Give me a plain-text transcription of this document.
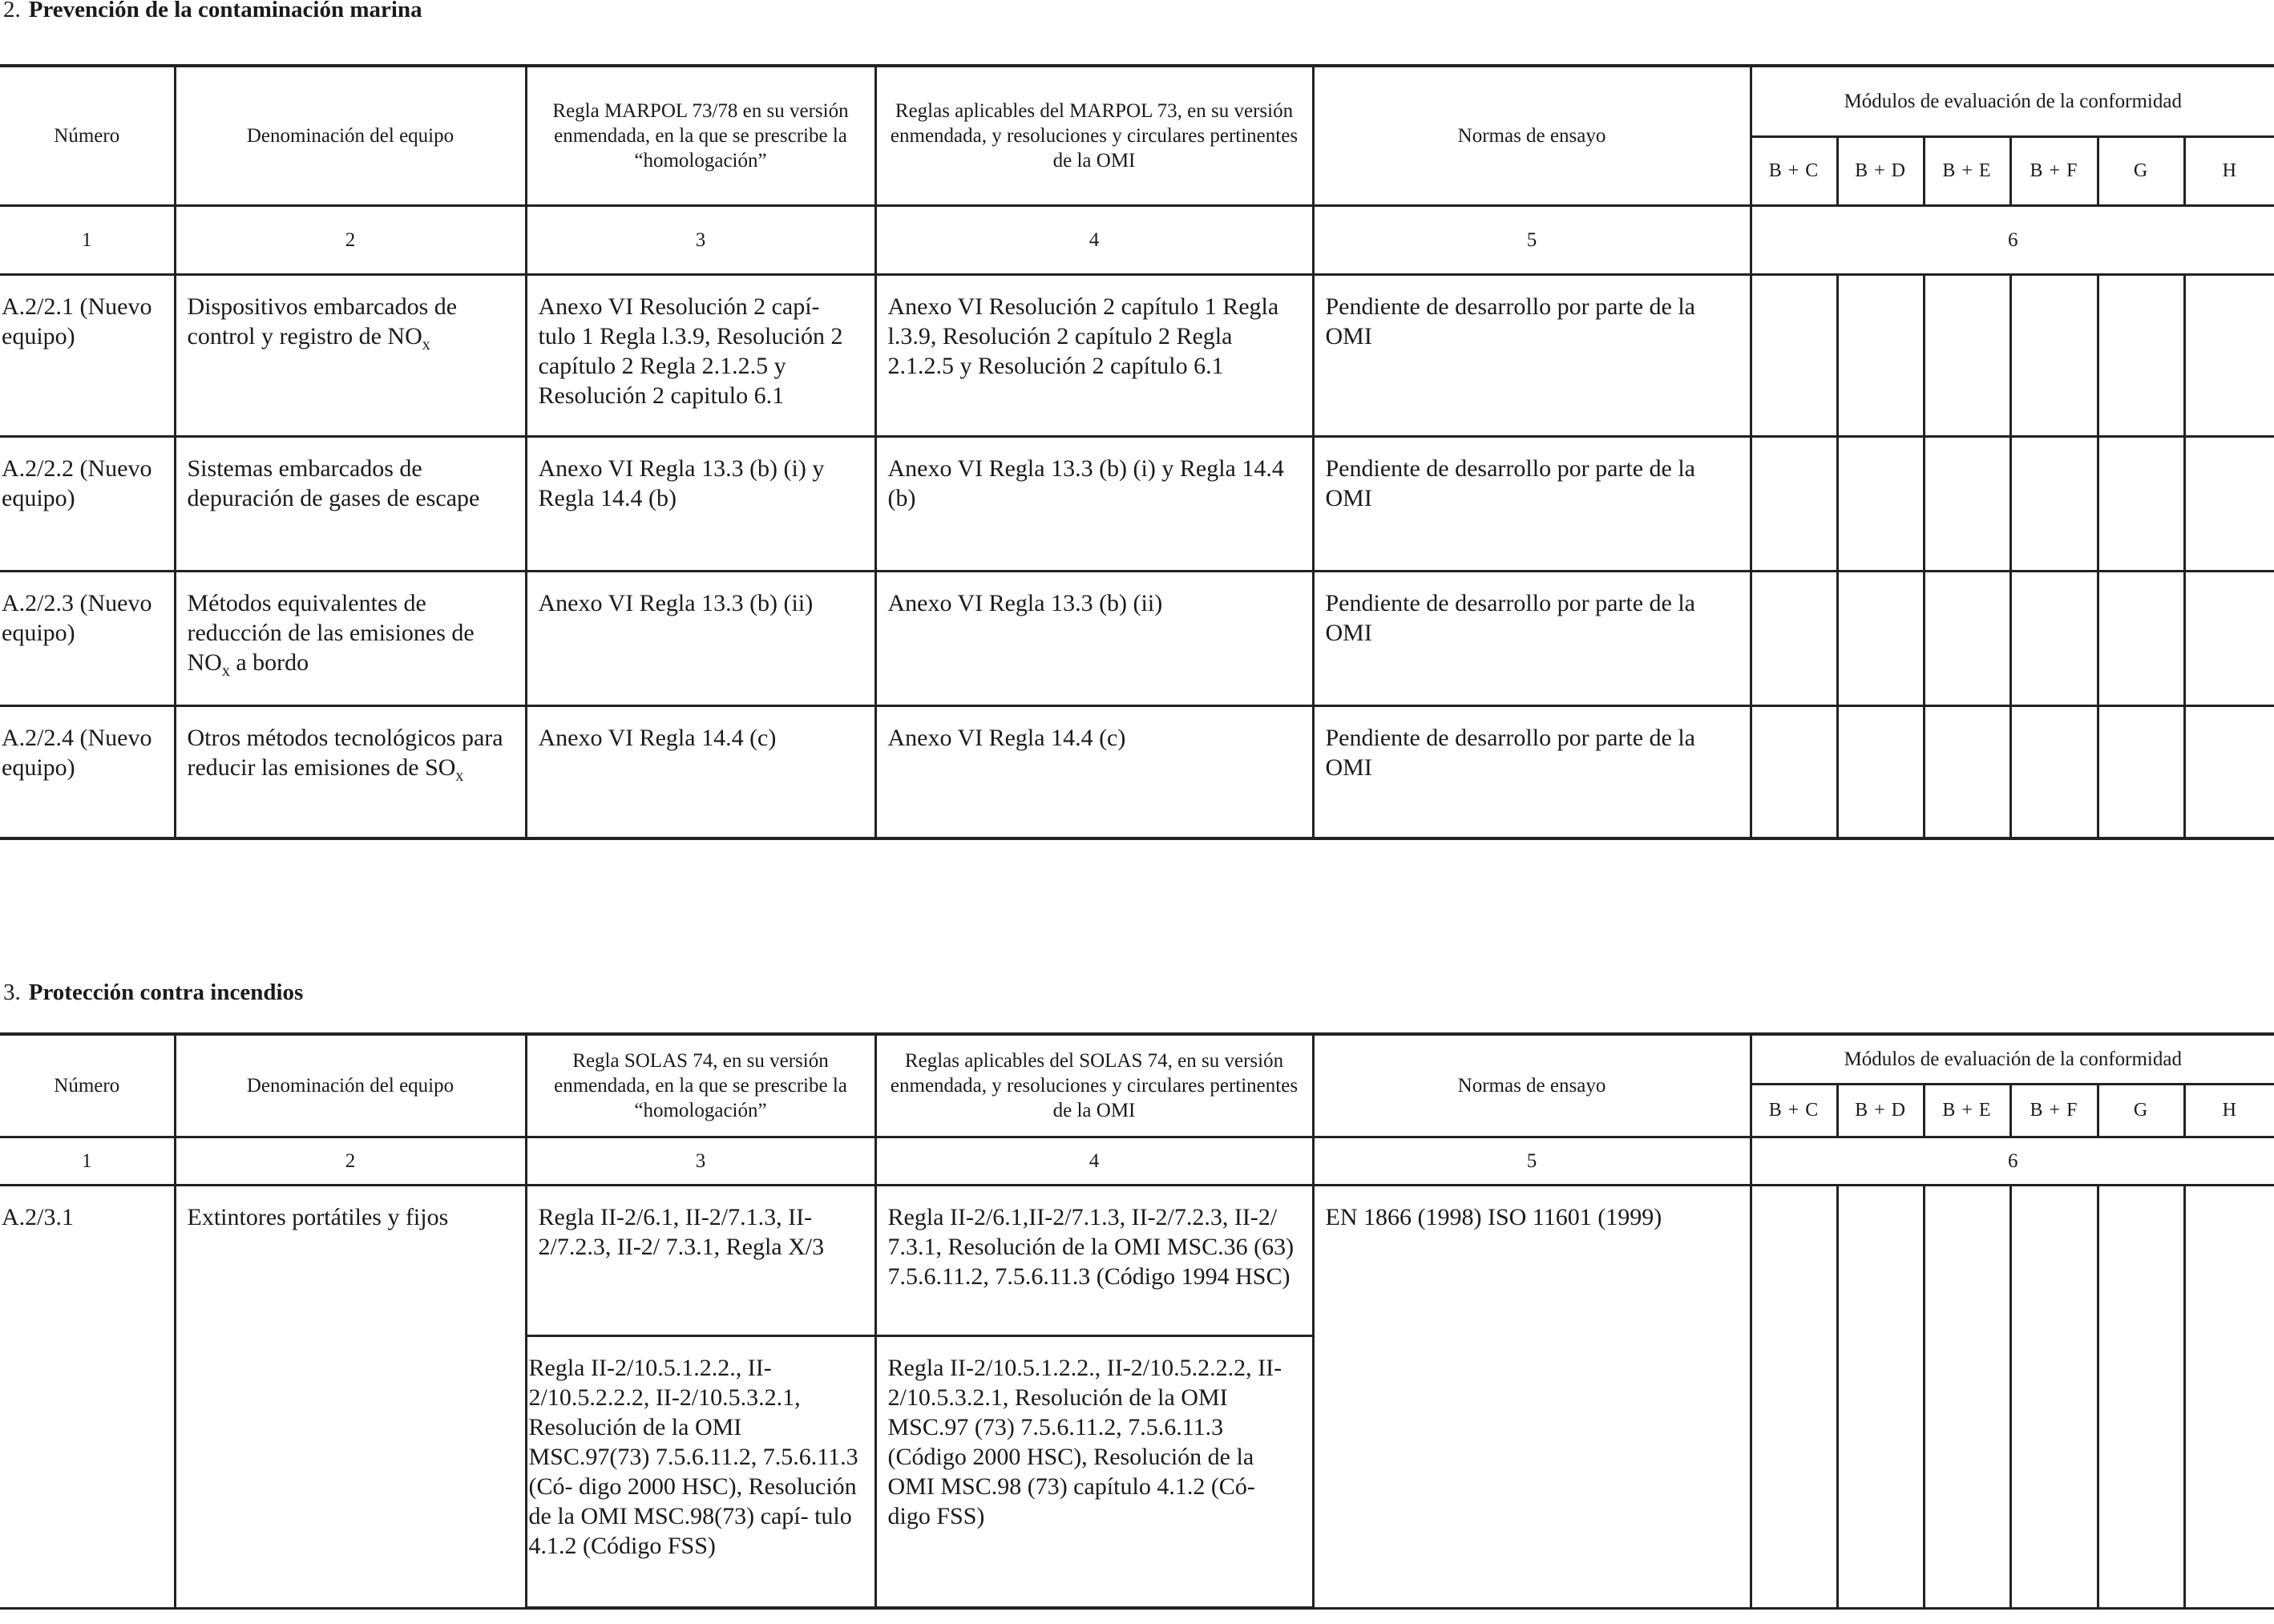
2. Prevención de la contaminación marina
Número	Denominación del equipo	Regla MARPOL 73/78 en su versión enmendada, en la que se prescribe la “homologación”	Reglas aplicables del MARPOL 73, en su versión enmendada, y resoluciones y circulares pertinentes de la OMI	Normas de ensayo	Módulos de evaluación de la conformidad					
					B + C	B + D	B + E	B + F	G	H
1	2	3	4	5	6					
A.2/2.1 (Nuevo equipo)	Dispositivos embarcados de control y registro de $NO_x$	Anexo VI Resolución 2 capí- tulo 1 Regla l.3.9, Resolución 2 capítulo 2 Regla 2.1.2.5 y Resolución 2 capitulo 6.1	Anexo VI Resolución 2 capítulo 1 Regla l.3.9, Resolución 2 capítulo 2 Regla 2.1.2.5 y Resolución 2 capítulo 6.1	Pendiente de desarrollo por parte de la OMI						
A.2/2.2 (Nuevo equipo)	Sistemas embarcados de depuración de gases de escape	Anexo VI Regla 13.3 (b) (i) y Regla 14.4 (b)	Anexo VI Regla 13.3 (b) (i) y Regla 14.4 (b)	Pendiente de desarrollo por parte de la OMI						
A.2/2.3 (Nuevo equipo)	Métodos equivalentes de reducción de las emisiones de $NO_x$ a bordo	Anexo VI Regla 13.3 (b) (ii)	Anexo VI Regla 13.3 (b) (ii)	Pendiente de desarrollo por parte de la OMI						
A.2/2.4 (Nuevo equipo)	Otros métodos tecnológicos para reducir las emisiones de $SO_x$	Anexo VI Regla 14.4 (c)	Anexo VI Regla 14.4 (c)	Pendiente de desarrollo por parte de la OMI						
3. Protección contra incendios
Número	Denominación del equipo	Regla SOLAS 74, en su versión enmendada, en la que se prescribe la “homologación”	Reglas aplicables del SOLAS 74, en su versión enmendada, y resoluciones y circulares pertinentes de la OMI	Normas de ensayo	Módulos de evaluación de la conformidad					
					B + C	B + D	B + E	B + F	G	H
1	2	3	4	5	6					
A.2/3.1	Extintores portátiles y fijos	Regla II-2/6.1, II-2/7.1.3, II-2/7.2.3, II-2/ 7.3.1, Regla X/3	Regla II-2/6.1,II-2/7.1.3, II-2/7.2.3, II-2/ 7.3.1, Resolución de la OMI MSC.36 (63) 7.5.6.11.2, 7.5.6.11.3 (Código 1994 HSC)	EN 1866 (1998) ISO 11601 (1999)						
		Regla II-2/10.5.1.2.2., II-2/10.5.2.2.2, II-2/10.5.3.2.1, Resolución de la OMI MSC.97(73) 7.5.6.11.2, 7.5.6.11.3 (Có- digo 2000 HSC), Resolución de la OMI MSC.98(73) capí- tulo 4.1.2 (Código FSS)	Regla II-2/10.5.1.2.2., II-2/10.5.2.2.2, II-2/10.5.3.2.1, Resolución de la OMI MSC.97 (73) 7.5.6.11.2, 7.5.6.11.3 (Código 2000 HSC), Resolución de la OMI MSC.98 (73) capítulo 4.1.2 (Có- digo FSS)							
